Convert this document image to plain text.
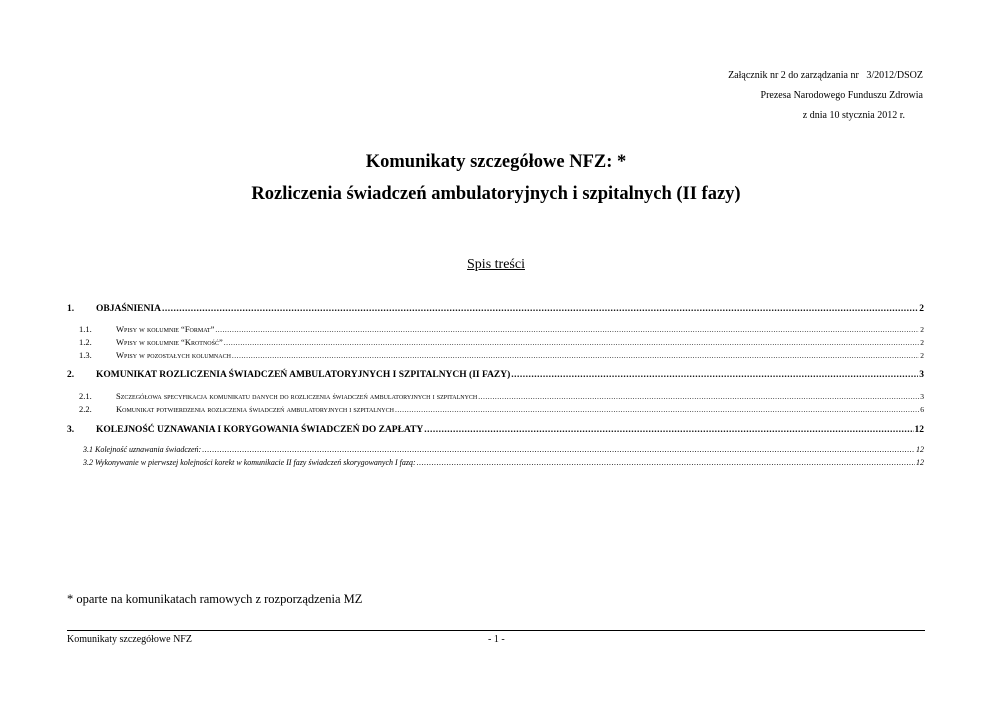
Załącznik nr 2 do zarządzania nr   3/2012/DSOZ
Prezesa Narodowego Funduszu Zdrowia
z dnia 10 stycznia 2012 r.
Komunikaty szczegółowe NFZ: *
Rozliczenia świadczeń ambulatoryjnych i szpitalnych (II fazy)
Spis treści
1.	OBJAŚNIENIA .....	2
1.1.	Wpisy w kolumnie “Format” .....	2
1.2.	Wpisy w kolumnie “Krotność” .....	2
1.3.	Wpisy w pozostałych kolumnach .....	2
2.	KOMUNIKAT ROZLICZENIA ŚWIADCZEŃ AMBULATORYJNYCH I SZPITALNYCH (II FAZY) .....	3
2.1.	Szczegółowa specyfikacja komunikatu danych do rozliczenia świadczeń ambulatoryjnych i szpitalnych .....	3
2.2.	Komunikat potwierdzenia rozliczenia świadczeń ambulatoryjnych i szpitalnych .....	6
3.	KOLEJNOŚĆ UZNAWANIA I KORYGOWANIA ŚWIADCZEŃ DO ZAPŁATY .....	12
3.1 Kolejność uznawania świadczeń: .....	12
3.2 Wykonywanie w pierwszej kolejności korekt w komunikacie II fazy świadczeń skorygowanych I fazą: .....	12
* oparte na komunikatach ramowych z rozporządzenia MZ
Komunikaty szczegółowe NFZ	- 1 -
